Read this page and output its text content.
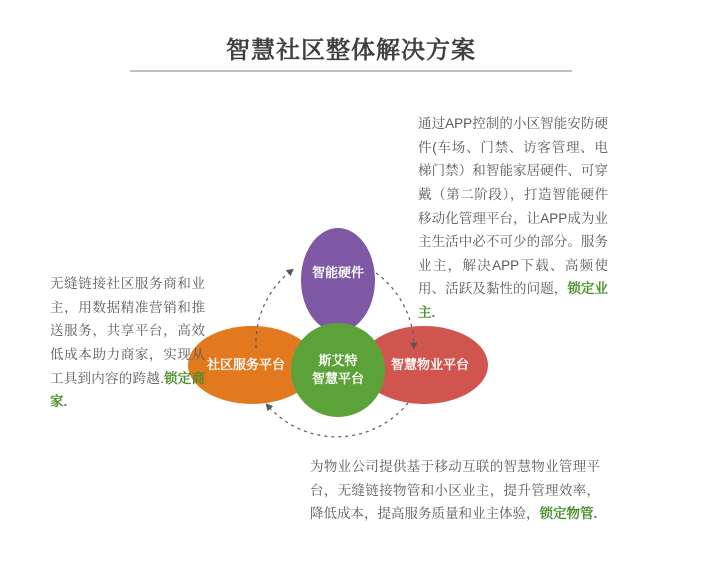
智慧社区整体解决方案
智能硬件
社区服务平台	智慧物业平台
斯艾特
智慧平台
通过APP控制的小区智能安防硬件(车场、门禁、访客管理、电梯门禁）和智能家居硬件、可穿戴（第二阶段），打造智能硬件移动化管理平台，让APP成为业主生活中必不可少的部分。服务业主，解决APP下载、高频使用、活跃及黏性的问题，锁定业主.
无缝链接社区服务商和业主，用数据精准营销和推送服务，共享平台，高效低成本助力商家，实现从工具到内容的跨越.锁定商家.
为物业公司提供基于移动互联的智慧物业管理平台，无缝链接物管和小区业主，提升管理效率，降低成本，提高服务质量和业主体验，锁定物管.
